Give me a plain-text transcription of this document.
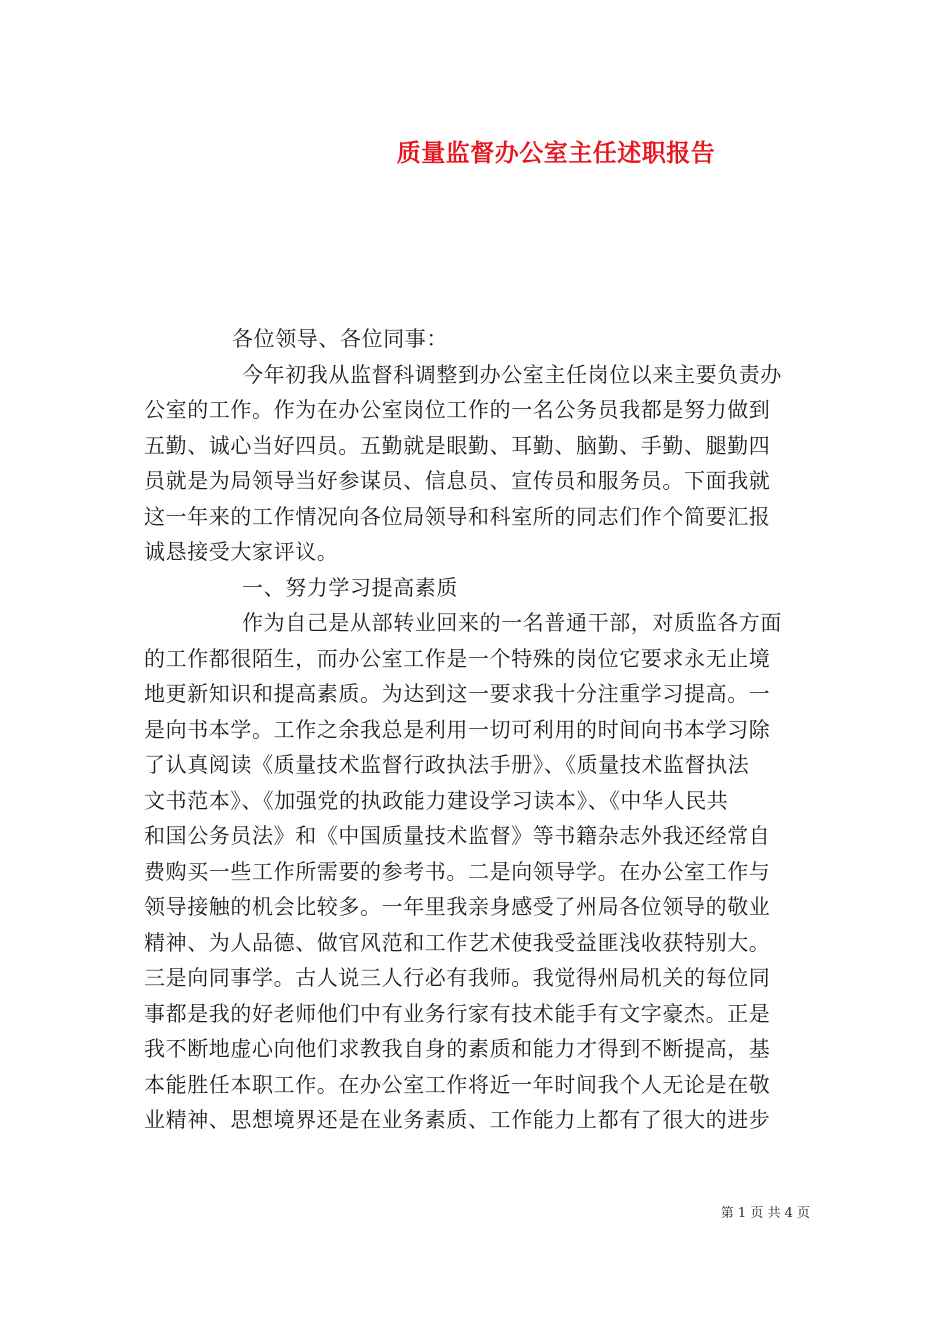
质量监督办公室主任述职报告
各位领导、各位同事：
今年初我从监督科调整到办公室主任岗位以来主要负责办
公室的工作。作为在办公室岗位工作的一名公务员我都是努力做到
五勤、诚心当好四员。五勤就是眼勤、耳勤、脑勤、手勤、腿勤四
员就是为局领导当好参谋员、信息员、宣传员和服务员。下面我就
这一年来的工作情况向各位局领导和科室所的同志们作个简要汇报
诚恳接受大家评议。
一、努力学习提高素质
作为自己是从部转业回来的一名普通干部，对质监各方面
的工作都很陌生，而办公室工作是一个特殊的岗位它要求永无止境
地更新知识和提高素质。为达到这一要求我十分注重学习提高。一
是向书本学。工作之余我总是利用一切可利用的时间向书本学习除
了认真阅读《质量技术监督行政执法手册》、《质量技术监督执法
文书范本》、《加强党的执政能力建设学习读本》、《中华人民共
和国公务员法》和《中国质量技术监督》等书籍杂志外我还经常自
费购买一些工作所需要的参考书。二是向领导学。在办公室工作与
领导接触的机会比较多。一年里我亲身感受了州局各位领导的敬业
精神、为人品德、做官风范和工作艺术使我受益匪浅收获特别大。
三是向同事学。古人说三人行必有我师。我觉得州局机关的每位同
事都是我的好老师他们中有业务行家有技术能手有文字豪杰。正是
我不断地虚心向他们求教我自身的素质和能力才得到不断提高，基
本能胜任本职工作。在办公室工作将近一年时间我个人无论是在敬
业精神、思想境界还是在业务素质、工作能力上都有了很大的进步
第 1 页 共 4 页
